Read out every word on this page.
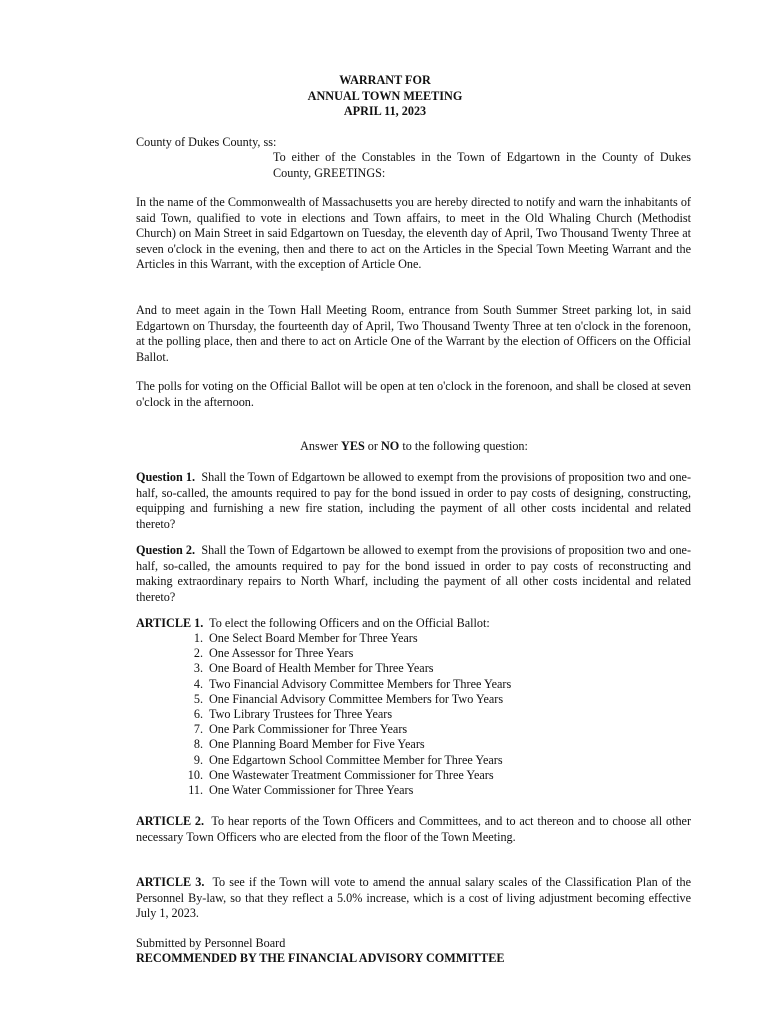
WARRANT FOR
ANNUAL TOWN MEETING
APRIL 11, 2023
County of Dukes County, ss:
To either of the Constables in the Town of Edgartown in the County of Dukes County, GREETINGS:
In the name of the Commonwealth of Massachusetts you are hereby directed to notify and warn the inhabitants of said Town, qualified to vote in elections and Town affairs, to meet in the Old Whaling Church (Methodist Church) on Main Street in said Edgartown on Tuesday, the eleventh day of April, Two Thousand Twenty Three at seven o'clock in the evening, then and there to act on the Articles in the Special Town Meeting Warrant and the Articles in this Warrant, with the exception of Article One.
And to meet again in the Town Hall Meeting Room, entrance from South Summer Street parking lot, in said Edgartown on Thursday, the fourteenth day of April, Two Thousand Twenty Three at ten o'clock in the forenoon, at the polling place, then and there to act on Article One of the Warrant by the election of Officers on the Official Ballot.
The polls for voting on the Official Ballot will be open at ten o'clock in the forenoon, and shall be closed at seven o'clock in the afternoon.
Answer YES or NO to the following question:
Question 1. Shall the Town of Edgartown be allowed to exempt from the provisions of proposition two and one-half, so-called, the amounts required to pay for the bond issued in order to pay costs of designing, constructing, equipping and furnishing a new fire station, including the payment of all other costs incidental and related thereto?
Question 2. Shall the Town of Edgartown be allowed to exempt from the provisions of proposition two and one-half, so-called, the amounts required to pay for the bond issued in order to pay costs of reconstructing and making extraordinary repairs to North Wharf, including the payment of all other costs incidental and related thereto?
ARTICLE 1. To elect the following Officers and on the Official Ballot:
1. One Select Board Member for Three Years
2. One Assessor for Three Years
3. One Board of Health Member for Three Years
4. Two Financial Advisory Committee Members for Three Years
5. One Financial Advisory Committee Members for Two Years
6. Two Library Trustees for Three Years
7. One Park Commissioner for Three Years
8. One Planning Board Member for Five Years
9. One Edgartown School Committee Member for Three Years
10. One Wastewater Treatment Commissioner for Three Years
11. One Water Commissioner for Three Years
ARTICLE 2. To hear reports of the Town Officers and Committees, and to act thereon and to choose all other necessary Town Officers who are elected from the floor of the Town Meeting.
ARTICLE 3. To see if the Town will vote to amend the annual salary scales of the Classification Plan of the Personnel By-law, so that they reflect a 5.0% increase, which is a cost of living adjustment becoming effective July 1, 2023.
Submitted by Personnel Board
RECOMMENDED BY THE FINANCIAL ADVISORY COMMITTEE
